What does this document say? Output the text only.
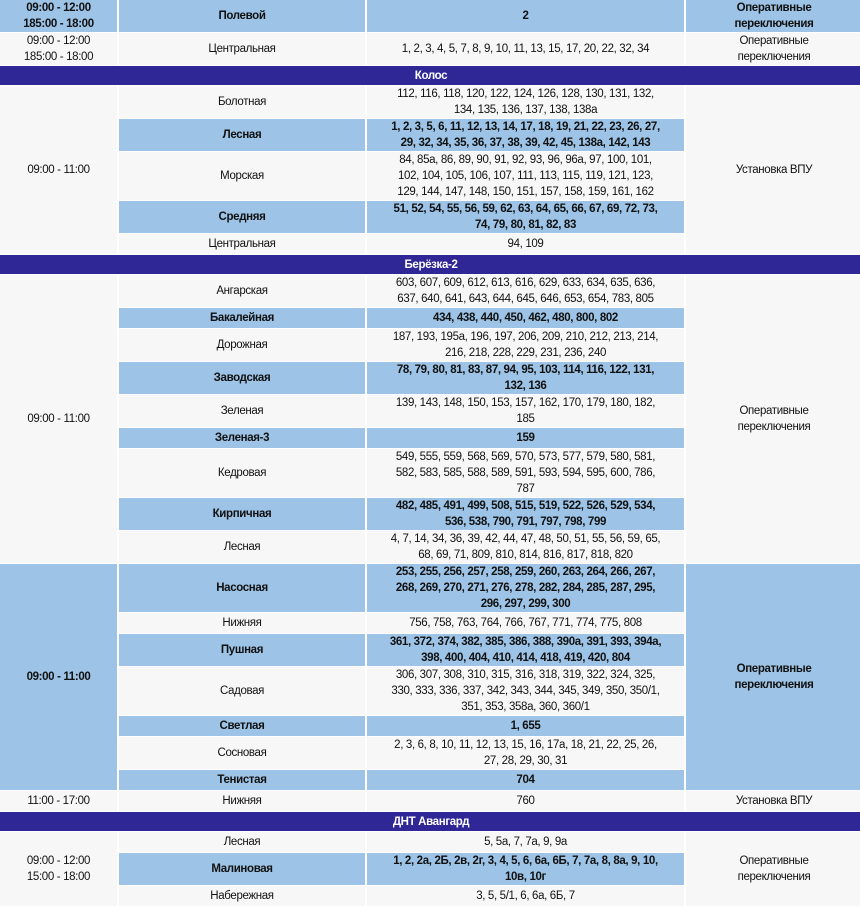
09:00 - 12:00
185:00 - 18:00	Полевой	2	Оперативные
переключения
09:00 - 12:00
185:00 - 18:00	Центральная	1, 2, 3, 4, 5, 7, 8, 9, 10, 11, 13, 15, 17, 20, 22, 32, 34	Оперативные
переключения
Колос			
09:00 - 11:00	Болотная	112, 116, 118, 120, 122, 124, 126, 128, 130, 131, 132,
134, 135, 136, 137, 138, 138а	Установка ВПУ
	Лесная	1, 2, 3, 5, 6, 11, 12, 13, 14, 17, 18, 19, 21, 22, 23, 26, 27,
29, 32, 34, 35, 36, 37, 38, 39, 42, 45, 138а, 142, 143	
	Морская	84, 85а, 86, 89, 90, 91, 92, 93, 96, 96а, 97, 100, 101,
102, 104, 105, 106, 107, 111, 113, 115, 119, 121, 123,
129, 144, 147, 148, 150, 151, 157, 158, 159, 161, 162	
	Средняя	51, 52, 54, 55, 56, 59, 62, 63, 64, 65, 66, 67, 69, 72, 73,
74, 79, 80, 81, 82, 83	
	Центральная	94, 109	
Берёзка-2			
09:00 - 11:00	Ангарская	603, 607, 609, 612, 613, 616, 629, 633, 634, 635, 636,
637, 640, 641, 643, 644, 645, 646, 653, 654, 783, 805	Оперативные
переключения
	Бакалейная	434, 438, 440, 450, 462, 480, 800, 802	
	Дорожная	187, 193, 195а, 196, 197, 206, 209, 210, 212, 213, 214,
216, 218, 228, 229, 231, 236, 240	
	Заводская	78, 79, 80, 81, 83, 87, 94, 95, 103, 114, 116, 122, 131,
132, 136	
	Зеленая	139, 143, 148, 150, 153, 157, 162, 170, 179, 180, 182,
185	
	Зеленая-3	159	
	Кедровая	549, 555, 559, 568, 569, 570, 573, 577, 579, 580, 581,
582, 583, 585, 588, 589, 591, 593, 594, 595, 600, 786,
787	
	Кирпичная	482, 485, 491, 499, 508, 515, 519, 522, 526, 529, 534,
536, 538, 790, 791, 797, 798, 799	
	Лесная	4, 7, 14, 34, 36, 39, 42, 44, 47, 48, 50, 51, 55, 56, 59, 65,
68, 69, 71, 809, 810, 814, 816, 817, 818, 820	
09:00 - 11:00	Насосная	253, 255, 256, 257, 258, 259, 260, 263, 264, 266, 267,
268, 269, 270, 271, 276, 278, 282, 284, 285, 287, 295,
296, 297, 299, 300	Оперативные
переключения
	Нижняя	756, 758, 763, 764, 766, 767, 771, 774, 775, 808	
	Пушная	361, 372, 374, 382, 385, 386, 388, 390а, 391, 393, 394а,
398, 400, 404, 410, 414, 418, 419, 420, 804	
	Садовая	306, 307, 308, 310, 315, 316, 318, 319, 322, 324, 325,
330, 333, 336, 337, 342, 343, 344, 345, 349, 350, 350/1,
351, 353, 358а, 360, 360/1	
	Светлая	1, 655	
	Сосновая	2, 3, 6, 8, 10, 11, 12, 13, 15, 16, 17а, 18, 21, 22, 25, 26,
27, 28, 29, 30, 31	
	Тенистая	704	
11:00 - 17:00	Нижняя	760	Установка ВПУ
ДНТ Авангард			
09:00 - 12:00
15:00 - 18:00	Лесная	5, 5а, 7, 7а, 9, 9а	Оперативные
переключения
	Малиновая	1, 2, 2а, 2Б, 2в, 2г, 3, 4, 5, 6, 6а, 6Б, 7, 7а, 8, 8а, 9, 10,
10в, 10г	
	Набережная	3, 5, 5/1, 6, 6а, 6Б, 7	
